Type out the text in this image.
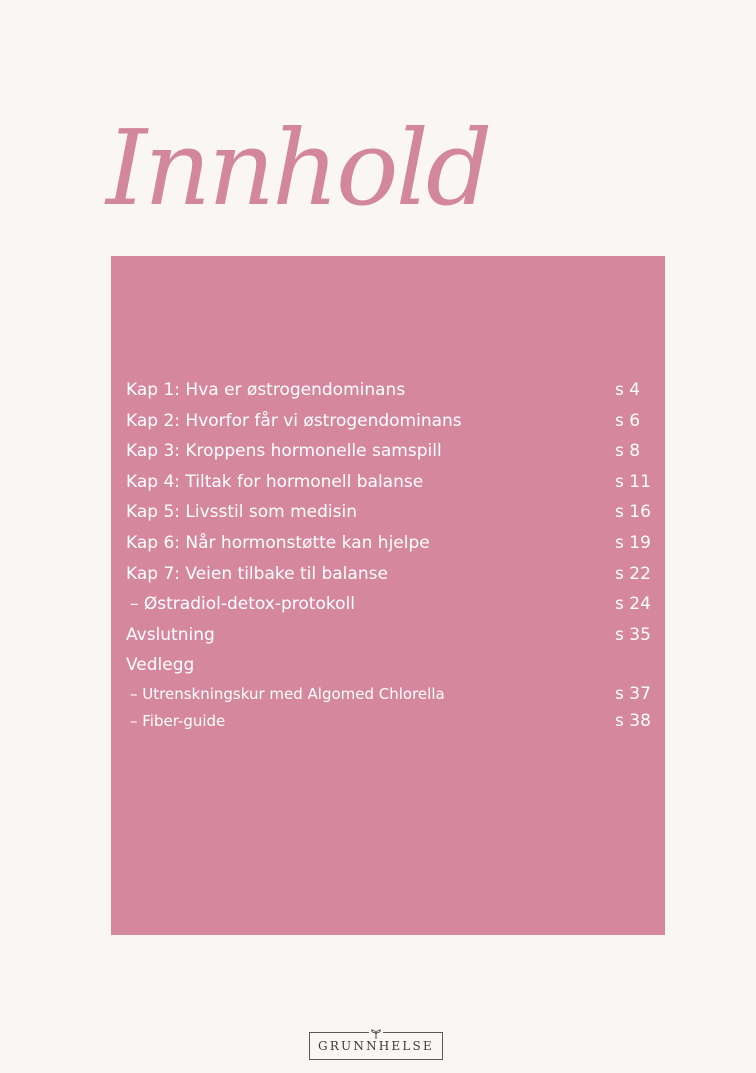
Innhold
Kap 1: Hva er østrogendominans	s 4
Kap 2: Hvorfor får vi østrogendominans	s 6
Kap 3: Kroppens hormonelle samspill	s 8
Kap 4: Tiltak for hormonell balanse	s 11
Kap 5: Livsstil som medisin	s 16
Kap 6: Når hormonstøtte kan hjelpe	s 19
Kap 7: Veien tilbake til balanse	s 22
– Østradiol-detox-protokoll	s 24
Avslutning	s 35
Vedlegg
– Utrenskningskur med Algomed Chlorella	s 37
– Fiber-guide	s 38
GRUNNHELSE
